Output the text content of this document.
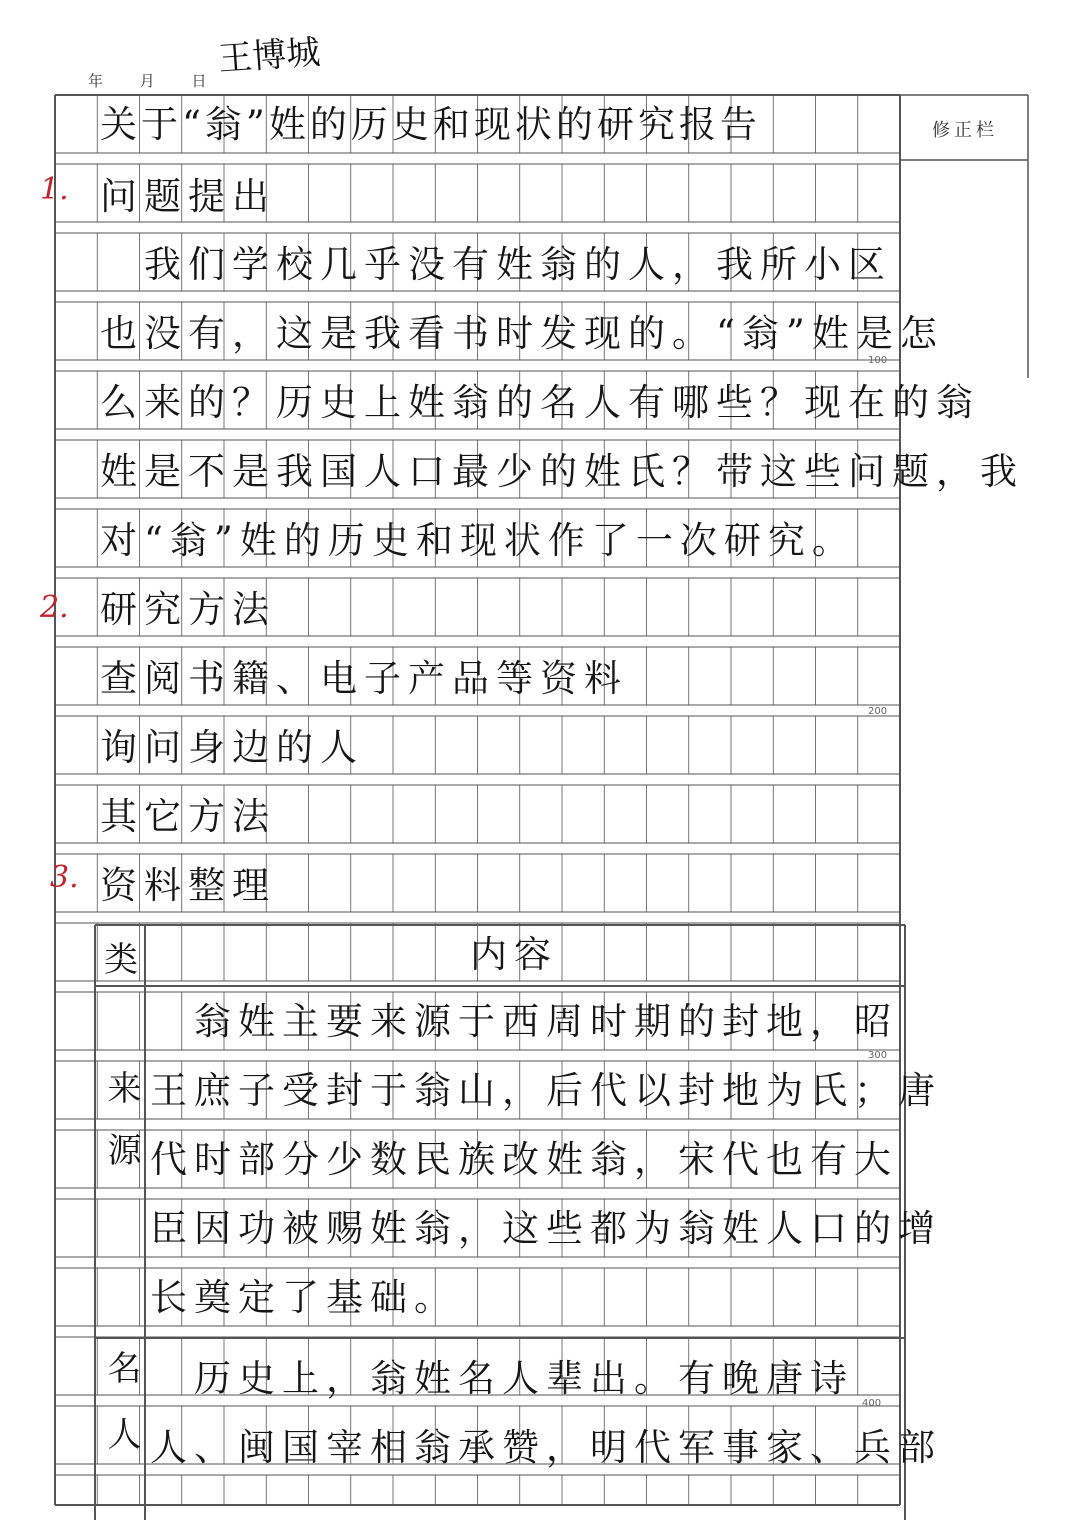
年 月 日
王博城
修正栏
100
200
300
400
1.
2.
3.
关于“翁”姓的历史和现状的研究报告
问题提出
　我们学校几乎没有姓翁的人，我所小区
也没有，这是我看书时发现的。“翁”姓是怎
么来的？历史上姓翁的名人有哪些？现在的翁
姓是不是我国人口最少的姓氏？带这些问题，我
对“翁”姓的历史和现状作了一次研究。
研究方法
查阅书籍、电子产品等资料
询问身边的人
其它方法
资料整理
类	内容
来源
　翁姓主要来源于西周时期的封地，昭
王庶子受封于翁山，后代以封地为氏；唐
代时部分少数民族改姓翁，宋代也有大
臣因功被赐姓翁，这些都为翁姓人口的增
长奠定了基础。
名人 　历史上，翁姓名人辈出。有晚唐诗
人、闽国宰相翁承赞，明代军事家、兵部
